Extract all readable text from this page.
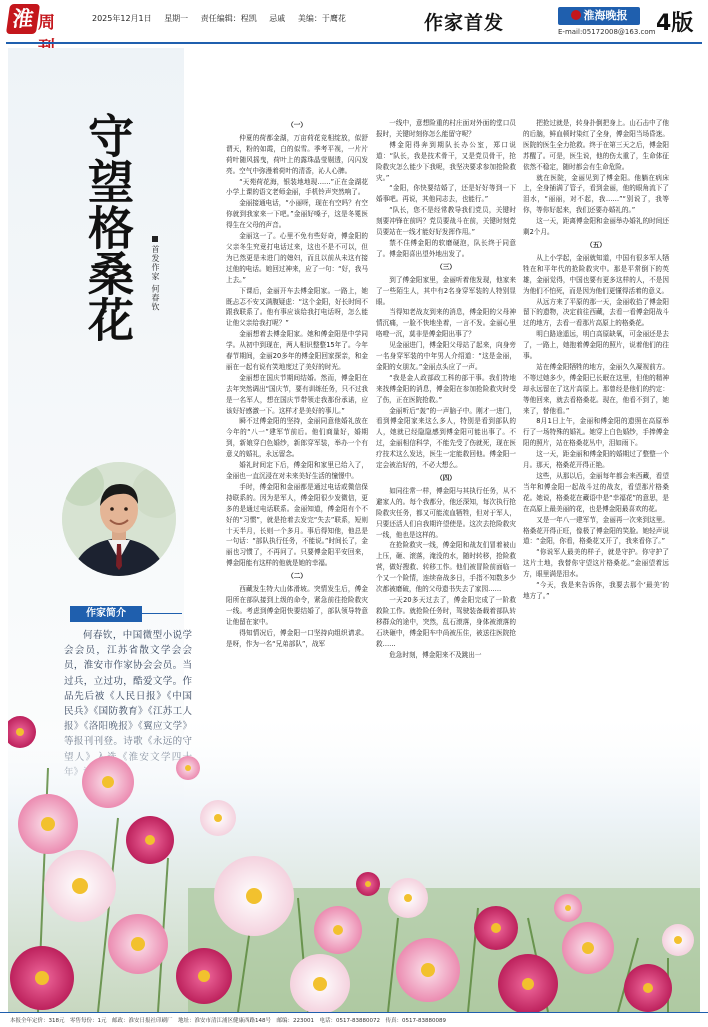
淮 周	2025年12月1日 星期一 责任编辑：程凯 忌戚 美编：于鹰花	作家首发	淮海晚报
E-mail:05172008@163.com 4版
守望格桑花 首发作家 何春钦
作家简介
何春钦，中国微型小说学会会员，江苏省散文学会会员，淮安市作家协会会员。当过兵，立过功，酷爱文学。作品先后被《人民日报》《中国

（一）

仲夏的荷都金湖，万亩荷花竞相绽放，似舒谓天，粉的如霞，白的似雪。季考平视，一片片荷叶随风摇曳，荷叶上的露珠晶莹剔透，闪闪发亮。空气中弥漫着荷叶的清香，沁人心脾。

“天苑荷花海，银装地地现……”正在金湖花小学上课的语文老师金丽，手机铃声突然响了。

金丽接通电话，“小丽呀，现在有空吗？有空你就到我家来一下吧。”金丽好嗓子，这是冬冕医得生在父母的声音。

金丽这一了。心里不免有些好奇，傅金阳的父亲冬生究竟打电话过来，这也不是不可以，但为已然更是未进门的媳妇，而且以前从未这有接过他的电话。她回过神来，应了一句：“好，我马上去。”

下课后，金丽开车去傅金阳家。一路上，她既忐忑不安又满腹疑虑：“这个金阳，好长时间不跟我联系了。他有事应该给我打电话呀，怎么能让他父亲给我打呢？”

金丽想着去傅金阳家。她和傅金阳是中学同学。从初中到现在，两人相识整整15年了。今年春节期间，金丽20多年的傅金阳回家探亲，和金丽在一起有说有笑地度过了美好的时光。

金丽想在国庆节期间结婚。然而，傅金阳在去年突然调出“国庆节，要有训练任务，只不过我是一名军人，想在国庆节带领走我那份承诺，应该好好感激一下。这样才是美好的事儿。”

瞬不过傅金阳的坚持，金丽同意他婚礼放在今年的“八一”建军节前后。他们商量好，婚期到，新娘穿白色婚纱，新郎穿军装，举办一个有意义的婚礼，永远留念。

婚礼时间定下后，傅金阳和家里已给入了，金丽也一直沉浸在对未来美好生活的憧憬中。

手时，傅金阳和金丽都是通过电话或微信保持联系的。因为是军人，傅金阳很少发微信，更多的是通过电话联系。金丽知道，傅金阳有个不好的“习惯”，就是抢着去发完“失去”联系，短则十天半月，长则一个多月。事后得知他，他总是一句话：“部队执行任务，不能说。”时间长了，金丽也习惯了，不再问了。只要傅金阳平安回来，傅金阳能有这样的他就是她的幸福。

（二）

西藏发生特大山体滑坡。突情发生后，傅金阳所在部队接到上级的命令，紧急前往抢险救灾一线。考虑到傅金阳快要结婚了，部队领导特意让他留在家中。

得知情况后，傅金阳一口坚持向组织请求。是呀，作为一名“兄弟部队”，战军

一线中，意想险重的村庄面对外面的堂口员报时，关键时刻你怎么能留守呢？

傅金阳得奔到期队长办公室，郑口说道：“队长，我是技术骨干，又是党员骨干，抢险救灾怎么能少下我呢，我坚决要求参加抢险救灾。”

“金阳，你快要结婚了，还是好好等到一下婚事吧。再说，其他同志去，也能行。”

“队长，您不是经常教导我们党员，关键时刻要冲锋在前吗？党员要战斗在前，关键时刻党员要站在一线才能好好发挥作用。”

禁不住傅金阳的软磨硬泡，队长终于同意了。傅金阳喜出望外地出发了。

（三）

到了傅金阳家里，金丽听着他发现，他家来了一些陌生人，其中有2名身穿军装的人特别显眼。

当得知老战友到来的消息，傅金阳的父母神情沉痛，一脸不快地坐着，一言不发。金丽心里咯噔一沉，莫非是傅金阳出事了？

见金丽进门，傅金阳父母站了起来，向身旁一名身穿军装的中年男人介绍道：“这是金丽，金阳的女朋友。”金丽点头应了一声。

“我是金人政部政工科的部干事。我们特地来找傅金阳的消息，傅金阳在参加抢险救灾时受了伤，正在医院抢救。”

金丽听后“轰”的一声脑子中。刚才一进门，看到傅金阳家来这么多人，特别是看到部队的人，她就已经隐隐感到傅金阳可能出事了。不过，金丽相信科学，不能先受了伤就死，现在医疗技术这么发达，医生一定能救回他。傅金阳一定会被治好的，不必大想么。

（四）

如同往常一样，傅金阳与其执行任务，从不避家人的。每个我都分，他还深知，每次执行抢险救灾任务，都又可能流血牺牲，但对于军人，只要还活人们自我期许望使是。这次去抢险救灾一线，他也是这样的。

在抢险救灾一线，傅金阳和战友们冒着被山上压，砸、滚落，淹没的水，随时转移，抢险救营，做好搜救、转移工作。他们被冒险前面临一个又一个险情，连续奋战多日，手指不知数多少次都被磨破，他的父母遗书失去了家园……

一天20多天过去了，傅金阳完成了一阶救救险工作。就抢险任务时，驾驶装备载着部队转移群众的途中，突然，乱石滚落，身体被滚落的石块砸中，傅金阳车中尚被压住，被送往医院抢救……

危急时刻，傅金阳来不及跳出一

把抢过就是，转身扑倒把身上。山石击中了他的后脑，鲜血顿时染红了全身，傅金阳当场昏迷。医院的医生全力抢救。终于在第三天之后，傅金阳苏醒了。可是，医生说，他的伤太重了，生命体征依然不稳定，随时都会有生命危险。

就在医院，金丽见到了傅金阳。他躺在病床上，全身插满了管子，看到金丽，他的眼角流下了泪水，“丽丽，对不起，我……”“别说了，我等你，等你好起来，我们还要办婚礼的。”

这一天，距离傅金阳和金丽举办婚礼的时间还剩2个月。

（五）

从上小学起，金丽就知道，中国有很多军人牺牲在和平年代的抢险救灾中。那是平常倒下的英雄，金丽觉得，中国也要有更多这样的人，不是因为他们不怕死，而是因为他们更懂得活着的意义。

从远方来了平原的那一天，金丽收拾了傅金阳留下的遗物，决定前往西藏，去看一看傅金阳战斗过的地方，去看一看那片高原上的格桑花。

明白路途遥远，明白高原缺氧，可金丽还是去了，一路上，她抱着傅金阳的照片，说着他们的往事。

站在傅金阳牺牲的地方，金丽久久凝视前方。不等过她多少，傅金阳已长眠在这里，但他的精神却永远留在了这片高原上。那曾经是他们的约定：等他回来，就去看格桑花。现在，他看不到了，她来了，替他看。”

8月1日上午，金丽和傅金阳的遗照在高原举行了一场特殊的婚礼。她穿上白色婚纱，手捧傅金阳的照片，站在格桑花丛中，泪如雨下。

这一天，距金丽和傅金阳的婚期过了整整一个月。那天，格桑花开得正艳。

这些，从那以后，金丽每年都会来西藏，看望当年和傅金阳一起战斗过的战友，看望那片格桑花。她说，格桑花在藏语中是“幸福花”的意思，是在高原上最美丽的花，也是傅金阳最喜欢的花。

又是一年八一建军节，金丽再一次来到这里。格桑花开得正旺，像极了傅金阳的笑脸。她轻声说道：“金阳，你看，格桑花又开了，我来看你了。”

“你说军人最美的样子，就是守护。你守护了这片土地，我替你守望这片格桑花。”金丽望着远方，眼里满是泪水。

“今天，我是来告诉你，我要去那个‘最美’的地方了。”

本报全年定价：318元　零售每份：1元　邮政：淮安日报社印刷厂　地址：淮安市清江浦区健康西路148号　邮编：223001　电话：0517-83880072　传真：0517-83880089
